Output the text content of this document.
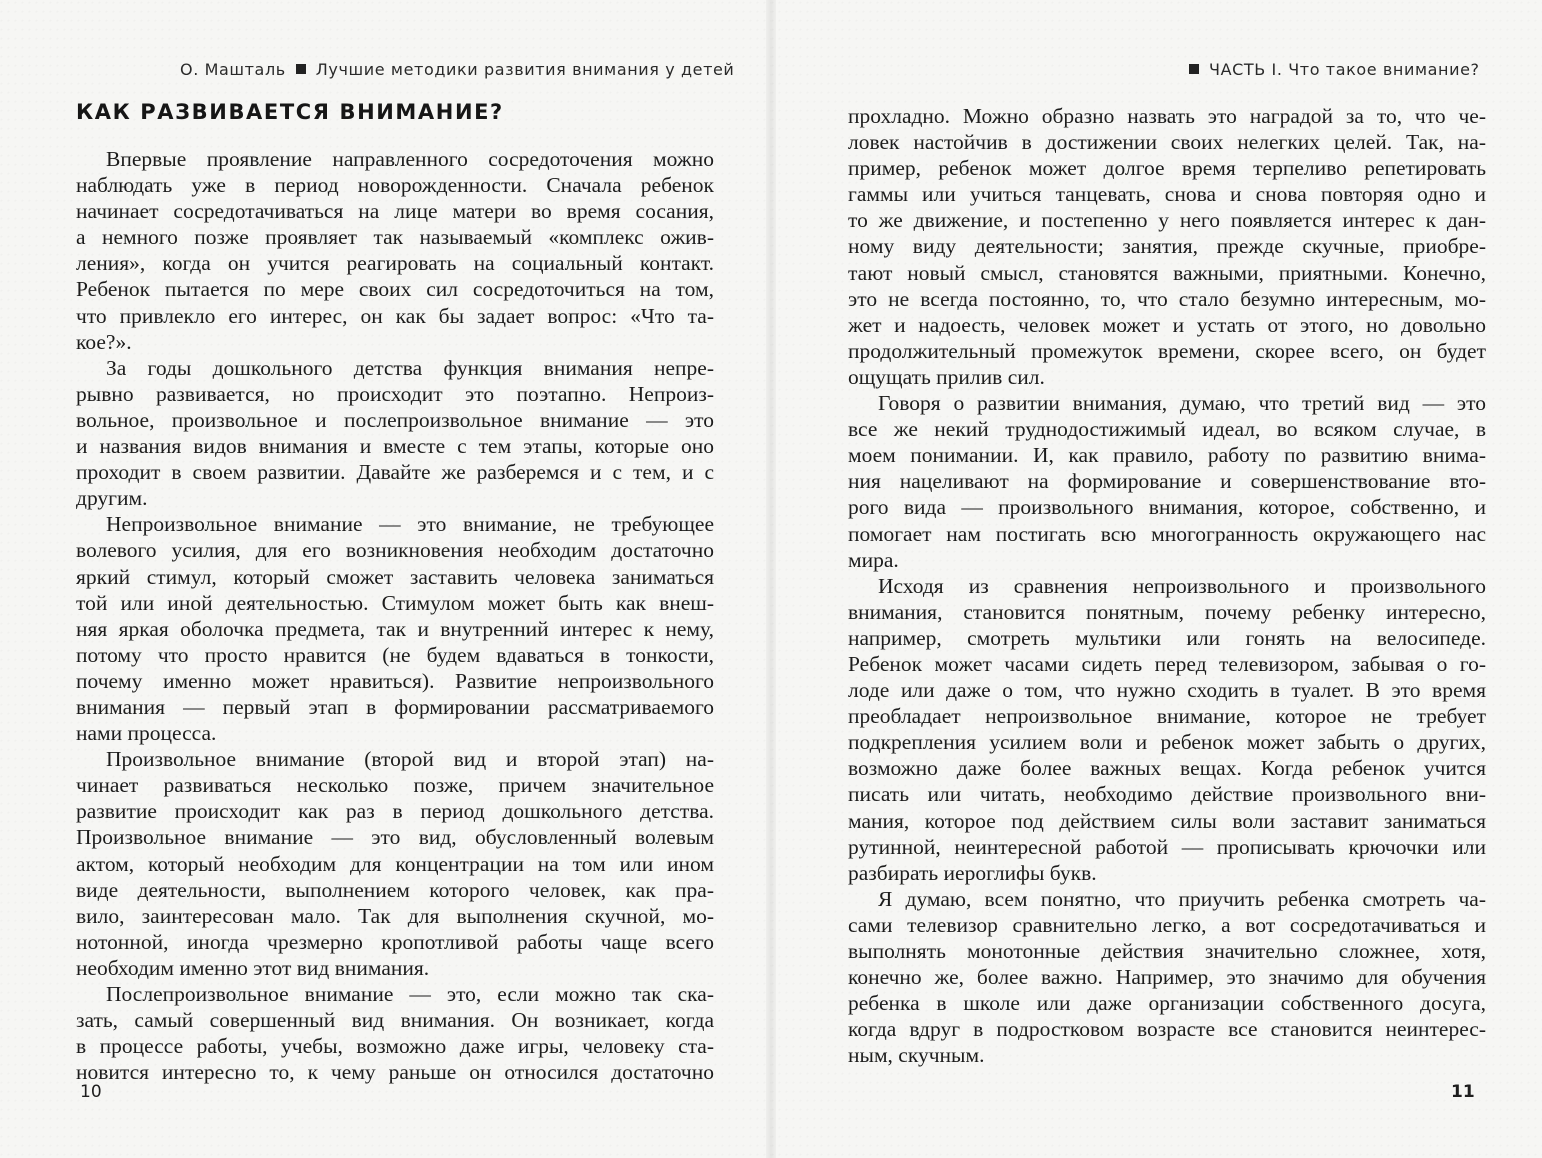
О. Машталь Лучшие методики развития внимания у детей
КАК РАЗВИВАЕТСЯ ВНИМАНИЕ?
Впервые проявление направленного сосредоточения можно
наблюдать уже в период новорожденности. Сначала ребенок
начинает сосредотачиваться на лице матери во время сосания,
а немного позже проявляет так называемый «комплекс ожив-
ления», когда он учится реагировать на социальный контакт.
Ребенок пытается по мере своих сил сосредоточиться на том,
что привлекло его интерес, он как бы задает вопрос: «Что та-
кое?».
За годы дошкольного детства функция внимания непре-
рывно развивается, но происходит это поэтапно. Непроиз-
вольное, произвольное и послепроизвольное внимание — это
и названия видов внимания и вместе с тем этапы, которые оно
проходит в своем развитии. Давайте же разберемся и с тем, и с
другим.
Непроизвольное внимание — это внимание, не требующее
волевого усилия, для его возникновения необходим достаточно
яркий стимул, который сможет заставить человека заниматься
той или иной деятельностью. Стимулом может быть как внеш-
няя яркая оболочка предмета, так и внутренний интерес к нему,
потому что просто нравится (не будем вдаваться в тонкости,
почему именно может нравиться). Развитие непроизвольного
внимания — первый этап в формировании рассматриваемого
нами процесса.
Произвольное внимание (второй вид и второй этап) на-
чинает развиваться несколько позже, причем значительное
развитие происходит как раз в период дошкольного детства.
Произвольное внимание — это вид, обусловленный волевым
актом, который необходим для концентрации на том или ином
виде деятельности, выполнением которого человек, как пра-
вило, заинтересован мало. Так для выполнения скучной, мо-
нотонной, иногда чрезмерно кропотливой работы чаще всего
необходим именно этот вид внимания.
Послепроизвольное внимание — это, если можно так ска-
зать, самый совершенный вид внимания. Он возникает, когда
в процессе работы, учебы, возможно даже игры, человеку ста-
новится интересно то, к чему раньше он относился достаточно
10
ЧАСТЬ I. Что такое внимание?
прохладно. Можно образно назвать это наградой за то, что че-
ловек настойчив в достижении своих нелегких целей. Так, на-
пример, ребенок может долгое время терпеливо репетировать
гаммы или учиться танцевать, снова и снова повторяя одно и
то же движение, и постепенно у него появляется интерес к дан-
ному виду деятельности; занятия, прежде скучные, приобре-
тают новый смысл, становятся важными, приятными. Конечно,
это не всегда постоянно, то, что стало безумно интересным, мо-
жет и надоесть, человек может и устать от этого, но довольно
продолжительный промежуток времени, скорее всего, он будет
ощущать прилив сил.
Говоря о развитии внимания, думаю, что третий вид — это
все же некий труднодостижимый идеал, во всяком случае, в
моем понимании. И, как правило, работу по развитию внима-
ния нацеливают на формирование и совершенствование вто-
рого вида — произвольного внимания, которое, собственно, и
помогает нам постигать всю многогранность окружающего нас
мира.
Исходя из сравнения непроизвольного и произвольного
внимания, становится понятным, почему ребенку интересно,
например, смотреть мультики или гонять на велосипеде.
Ребенок может часами сидеть перед телевизором, забывая о го-
лоде или даже о том, что нужно сходить в туалет. В это время
преобладает непроизвольное внимание, которое не требует
подкрепления усилием воли и ребенок может забыть о других,
возможно даже более важных вещах. Когда ребенок учится
писать или читать, необходимо действие произвольного вни-
мания, которое под действием силы воли заставит заниматься
рутинной, неинтересной работой — прописывать крючочки или
разбирать иероглифы букв.
Я думаю, всем понятно, что приучить ребенка смотреть ча-
сами телевизор сравнительно легко, а вот сосредотачиваться и
выполнять монотонные действия значительно сложнее, хотя,
конечно же, более важно. Например, это значимо для обучения
ребенка в школе или даже организации собственного досуга,
когда вдруг в подростковом возрасте все становится неинтерес-
ным, скучным.
11
